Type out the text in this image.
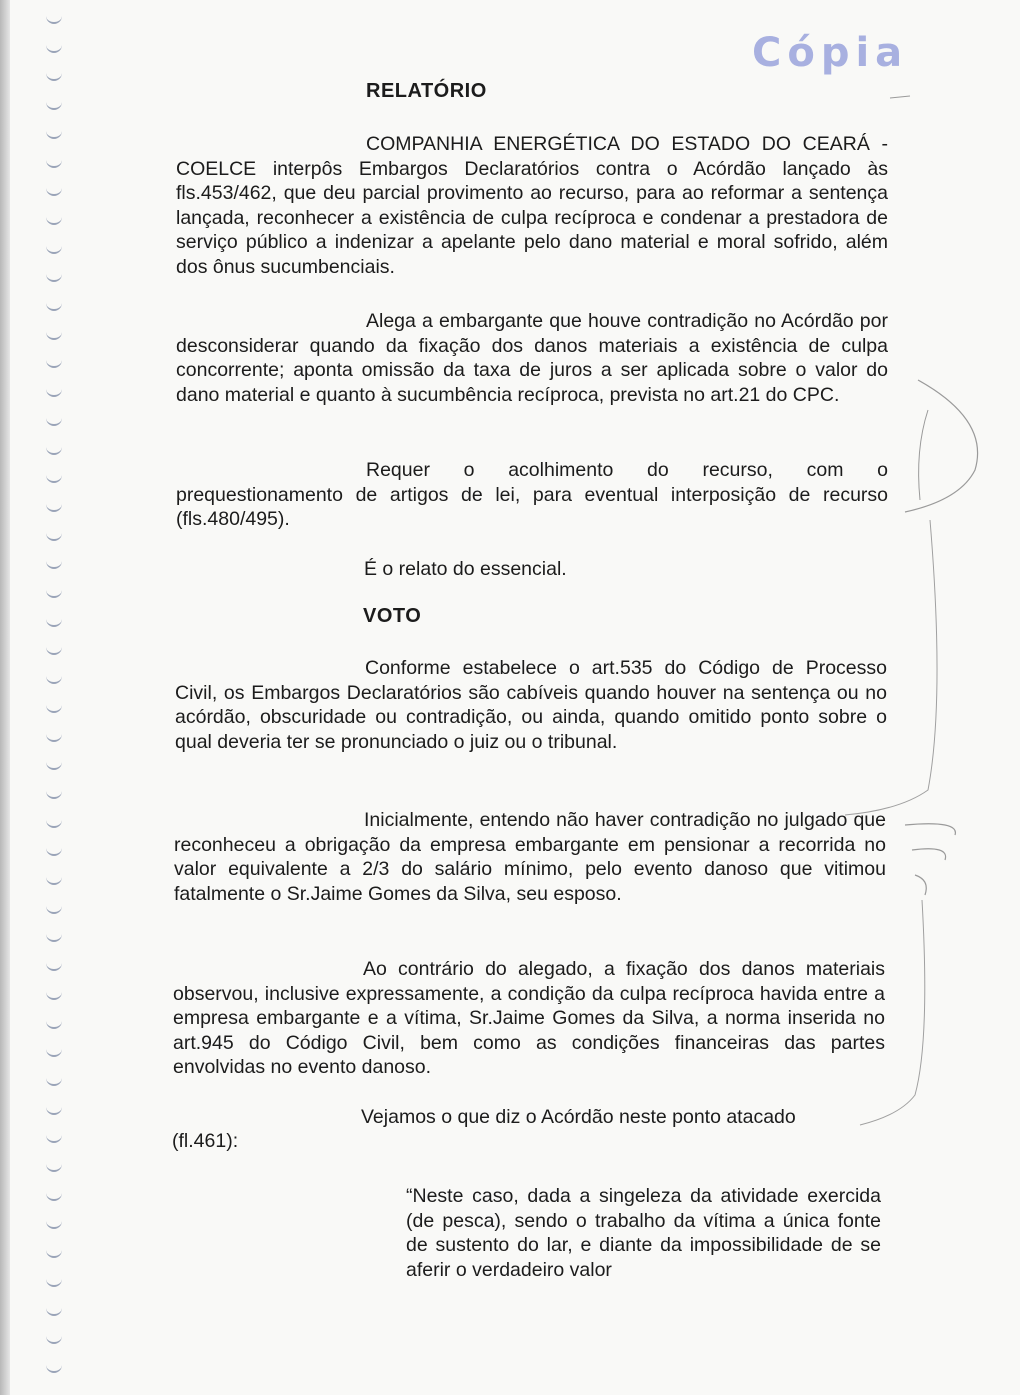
Cópia
RELATÓRIO

COMPANHIA ENERGÉTICA DO ESTADO DO CEARÁ - COELCE interpôs Embargos Declaratórios contra o Acórdão lançado às fls.453/462, que deu parcial provimento ao recurso, para ao reformar a sentença lançada, reconhecer a existência de culpa recíproca e condenar a prestadora de serviço público a indenizar a apelante pelo dano material e moral sofrido, além dos ônus sucumbenciais.

Alega a embargante que houve contradição no Acórdão por desconsiderar quando da fixação dos danos materiais a existência de culpa concorrente; aponta omissão da taxa de juros a ser aplicada sobre o valor do dano material e quanto à sucumbência recíproca, prevista no art.21 do CPC.

Requer o acolhimento do recurso, com o prequestionamento de artigos de lei, para eventual interposição de recurso (fls.480/495).

É o relato do essencial.
VOTO

Conforme estabelece o art.535 do Código de Processo Civil, os Embargos Declaratórios são cabíveis quando houver na sentença ou no acórdão, obscuridade ou contradição, ou ainda, quando omitido ponto sobre o qual deveria ter se pronunciado o juiz ou o tribunal.

Inicialmente, entendo não haver contradição no julgado que reconheceu a obrigação da empresa embargante em pensionar a recorrida no valor equivalente a 2/3 do salário mínimo, pelo evento danoso que vitimou fatalmente o Sr.Jaime Gomes da Silva, seu esposo.

Ao contrário do alegado, a fixação dos danos materiais observou, inclusive expressamente, a condição da culpa recíproca havida entre a empresa embargante e a vítima, Sr.Jaime Gomes da Silva, a norma inserida no art.945 do Código Civil, bem como as condições financeiras das partes envolvidas no evento danoso.

Vejamos o que diz o Acórdão neste ponto atacado
(fl.461):

“Neste caso, dada a singeleza da atividade exercida (de pesca), sendo o trabalho da vítima a única fonte de sustento do lar, e diante da impossibilidade de se aferir o verdadeiro valor
